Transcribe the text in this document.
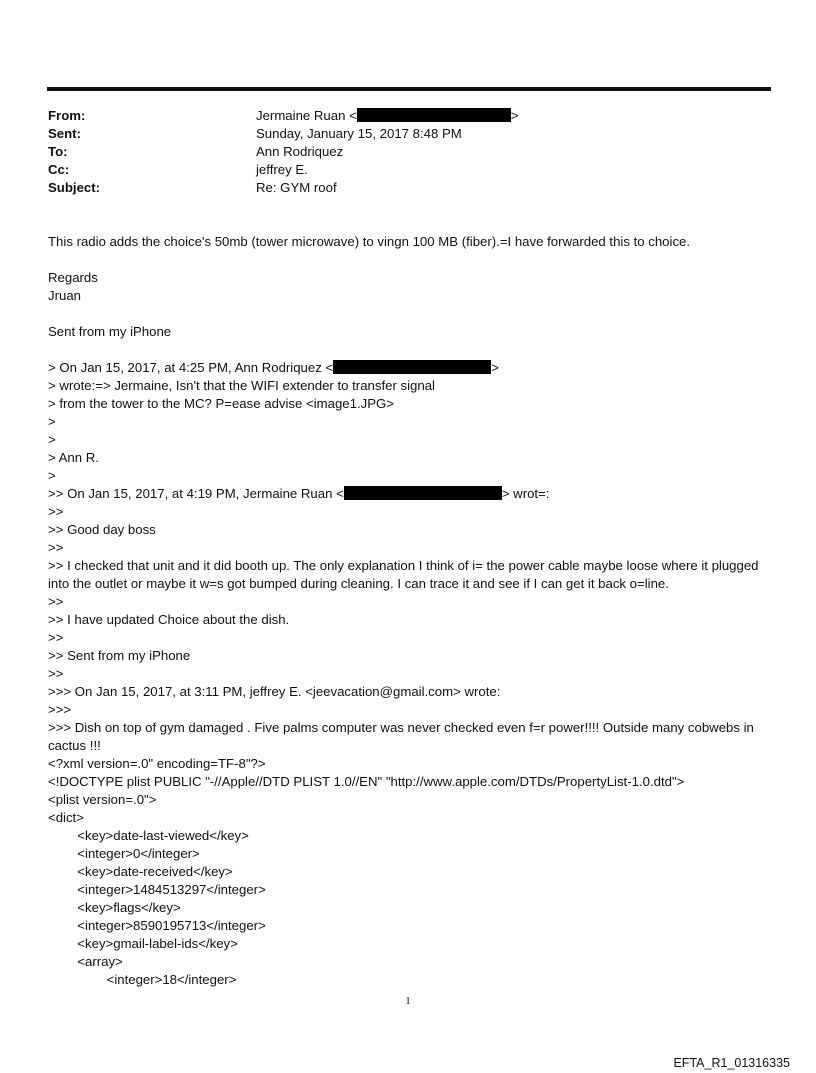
From:	Jermaine Ruan <	>
Sent:	Sunday, January 15, 2017 8:48 PM
To:	Ann Rodriquez
Cc:	jeffrey E.
Subject:	Re: GYM roof
This radio adds the choice's 50mb (tower microwave) to vingn 100 MB (fiber).=I have forwarded this to choice.
Regards
Jruan
Sent from my iPhone
> On Jan 15, 2017, at 4:25 PM, Ann Rodriquez <	>
> wrote:=> Jermaine, Isn't that the WIFI extender to transfer signal
> from the tower to the MC? P=ease advise <image1.JPG>
>
>
> Ann R.
>
>> On Jan 15, 2017, at 4:19 PM, Jermaine Ruan <	> wrot=:
>>
>> Good day boss
>>
>> I checked that unit and it did booth up. The only explanation I think of i= the power cable maybe loose where it plugged into the outlet or maybe it w=s got bumped during cleaning. I can trace it and see if I can get it back o=line.
>>
>> I have updated Choice about the dish.
>>
>> Sent from my iPhone
>>
>>> On Jan 15, 2017, at 3:11 PM, jeffrey E. <jeevacation@gmail.com> wrote:
>>>
>>> Dish on top of gym damaged . Five palms computer was never checked even f=r power!!!! Outside many cobwebs in cactus !!!
<?xml version=.0" encoding=TF-8"?>
<!DOCTYPE plist PUBLIC "-//Apple//DTD PLIST 1.0//EN" "http://www.apple.com/DTDs/PropertyList-1.0.dtd">
<plist version=.0">
<dict>
<key>date-last-viewed</key>
<integer>0</integer>
<key>date-received</key>
<integer>1484513297</integer>
<key>flags</key>
<integer>8590195713</integer>
<key>gmail-label-ids</key>
<array>
<integer>18</integer>
1
EFTA_R1_01316335
